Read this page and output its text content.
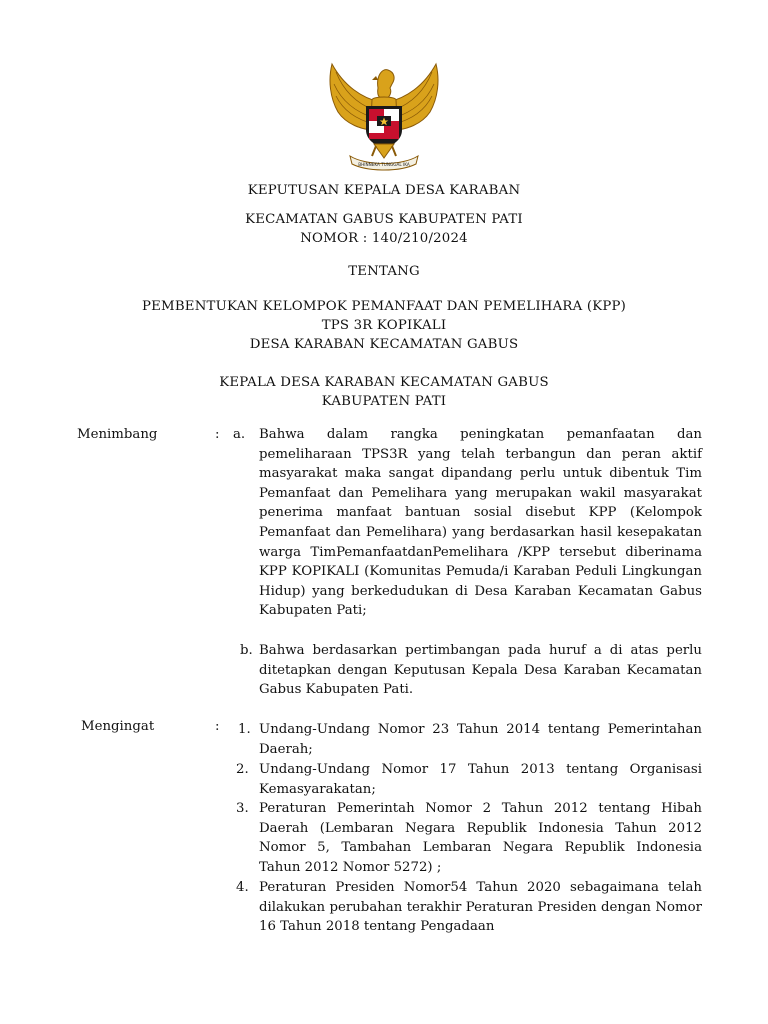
BHINNEKA TUNGGAL IKA
KEPUTUSAN KEPALA DESA KARABAN
KECAMATAN GABUS KABUPATEN PATI
NOMOR : 140/210/2024
TENTANG
PEMBENTUKAN KELOMPOK PEMANFAAT DAN PEMELIHARA (KPP)
TPS 3R KOPIKALI
DESA KARABAN KECAMATAN GABUS
KEPALA DESA KARABAN KECAMATAN GABUS
KABUPATEN PATI
Menimbang	: a. Bahwa dalam rangka peningkatan pemanfaatan dan pemeliharaan TPS3R yang telah terbangun dan peran aktif masyarakat maka sangat dipandang perlu untuk dibentuk Tim Pemanfaat dan Pemelihara yang merupakan wakil masyarakat penerima manfaat bantuan sosial disebut KPP (Kelompok Pemanfaat dan Pemelihara) yang berdasarkan hasil kesepakatan warga TimPemanfaatdanPemelihara /KPP tersebut diberinama KPP KOPIKALI (Komunitas Pemuda/i Karaban Peduli Lingkungan Hidup) yang berkedudukan di Desa Karaban Kecamatan Gabus Kabupaten Pati;
b. Bahwa berdasarkan pertimbangan pada huruf a di atas perlu ditetapkan dengan Keputusan Kepala Desa Karaban Kecamatan Gabus Kabupaten Pati.
Mengingat	: 1. Undang-Undang Nomor 23 Tahun 2014 tentang Pemerintahan Daerah;
2. Undang-Undang Nomor 17 Tahun 2013 tentang Organisasi Kemasyarakatan;
3. Peraturan Pemerintah Nomor 2 Tahun 2012 tentang Hibah Daerah (Lembaran Negara Republik Indonesia Tahun 2012 Nomor 5, Tambahan Lembaran Negara Republik Indonesia Tahun 2012 Nomor 5272) ;
4. Peraturan Presiden Nomor54 Tahun 2020 sebagaimana telah dilakukan perubahan terakhir Peraturan Presiden dengan Nomor 16 Tahun 2018 tentang Pengadaan
